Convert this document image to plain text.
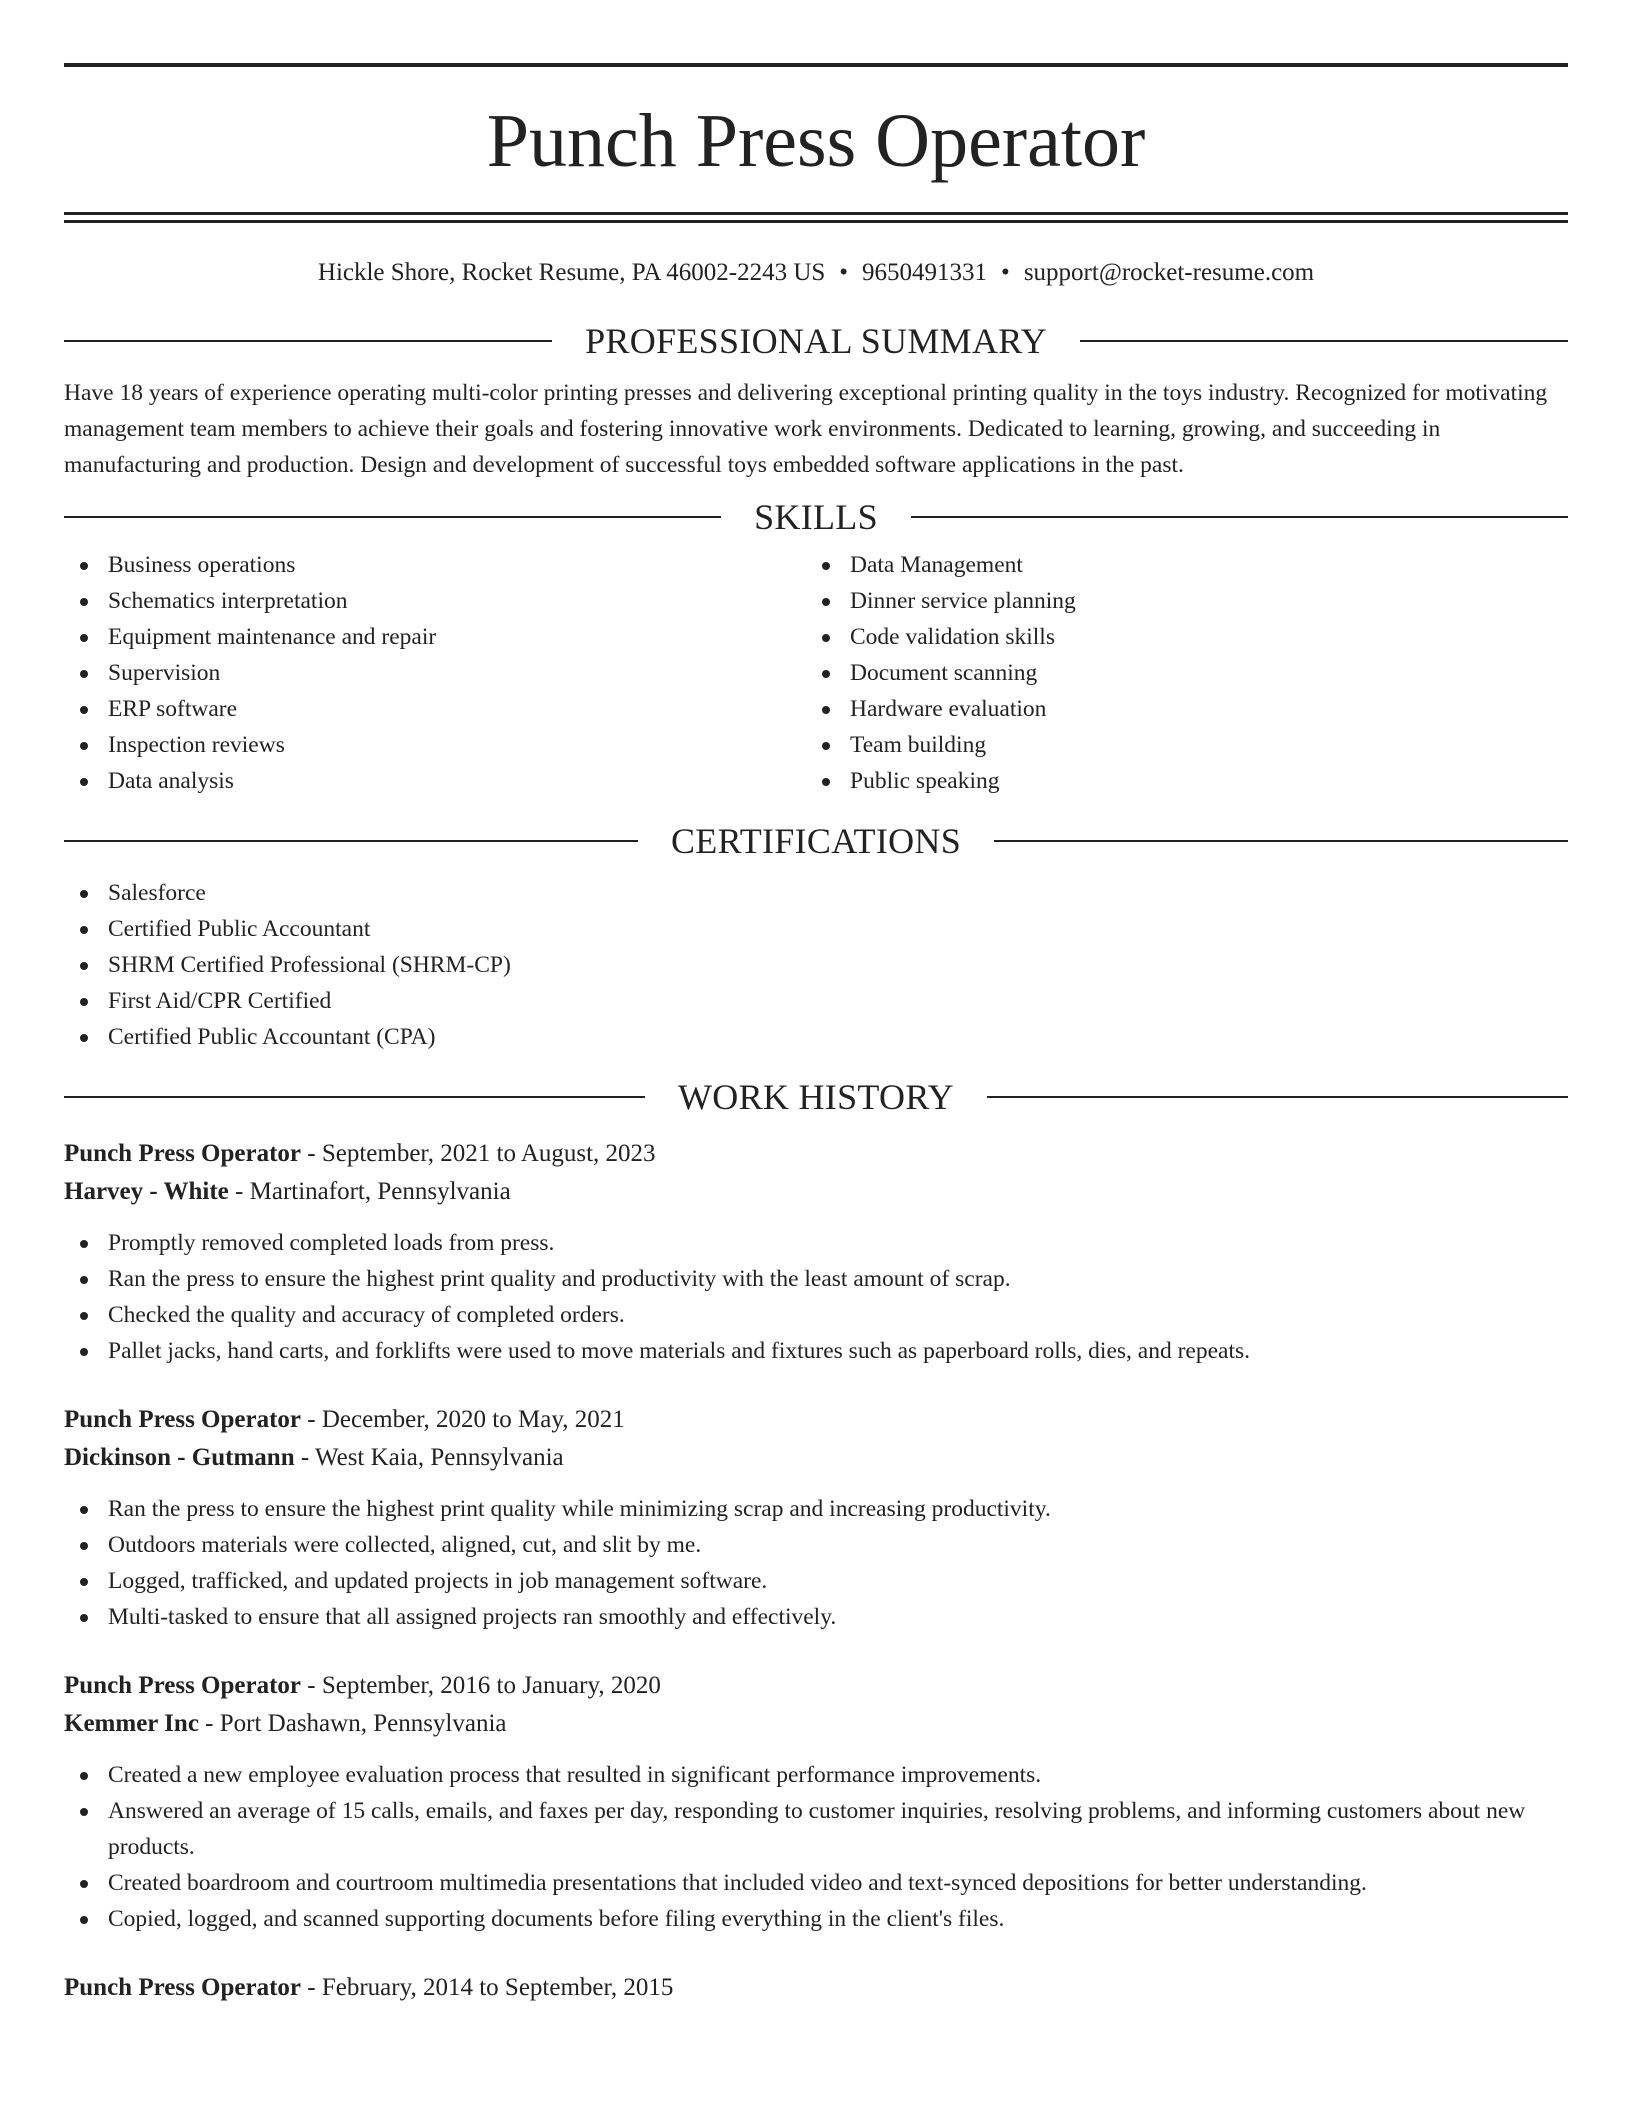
Punch Press Operator
Hickle Shore, Rocket Resume, PA 46002-2243 US • 9650491331 • support@rocket-resume.com
PROFESSIONAL SUMMARY

Have 18 years of experience operating multi-color printing presses and delivering exceptional printing quality in the toys industry. Recognized for motivating management team members to achieve their goals and fostering innovative work environments. Dedicated to learning, growing, and succeeding in manufacturing and production. Design and development of successful toys embedded software applications in the past.

SKILLS
Business operations
Schematics interpretation
Equipment maintenance and repair
Supervision
ERP software
Inspection reviews
Data analysis
Data Management
Dinner service planning
Code validation skills
Document scanning
Hardware evaluation
Team building
Public speaking
CERTIFICATIONS
Salesforce
Certified Public Accountant
SHRM Certified Professional (SHRM-CP)
First Aid/CPR Certified
Certified Public Accountant (CPA)
WORK HISTORY
Punch Press Operator - September, 2021 to August, 2023
Harvey - White - Martinafort, Pennsylvania
Promptly removed completed loads from press.
Ran the press to ensure the highest print quality and productivity with the least amount of scrap.
Checked the quality and accuracy of completed orders.
Pallet jacks, hand carts, and forklifts were used to move materials and fixtures such as paperboard rolls, dies, and repeats.
Punch Press Operator - December, 2020 to May, 2021
Dickinson - Gutmann - West Kaia, Pennsylvania
Ran the press to ensure the highest print quality while minimizing scrap and increasing productivity.
Outdoors materials were collected, aligned, cut, and slit by me.
Logged, trafficked, and updated projects in job management software.
Multi-tasked to ensure that all assigned projects ran smoothly and effectively.
Punch Press Operator - September, 2016 to January, 2020
Kemmer Inc - Port Dashawn, Pennsylvania
Created a new employee evaluation process that resulted in significant performance improvements.
Answered an average of 15 calls, emails, and faxes per day, responding to customer inquiries, resolving problems, and informing customers about new products.
Created boardroom and courtroom multimedia presentations that included video and text-synced depositions for better understanding.
Copied, logged, and scanned supporting documents before filing everything in the client's files.
Punch Press Operator - February, 2014 to September, 2015
